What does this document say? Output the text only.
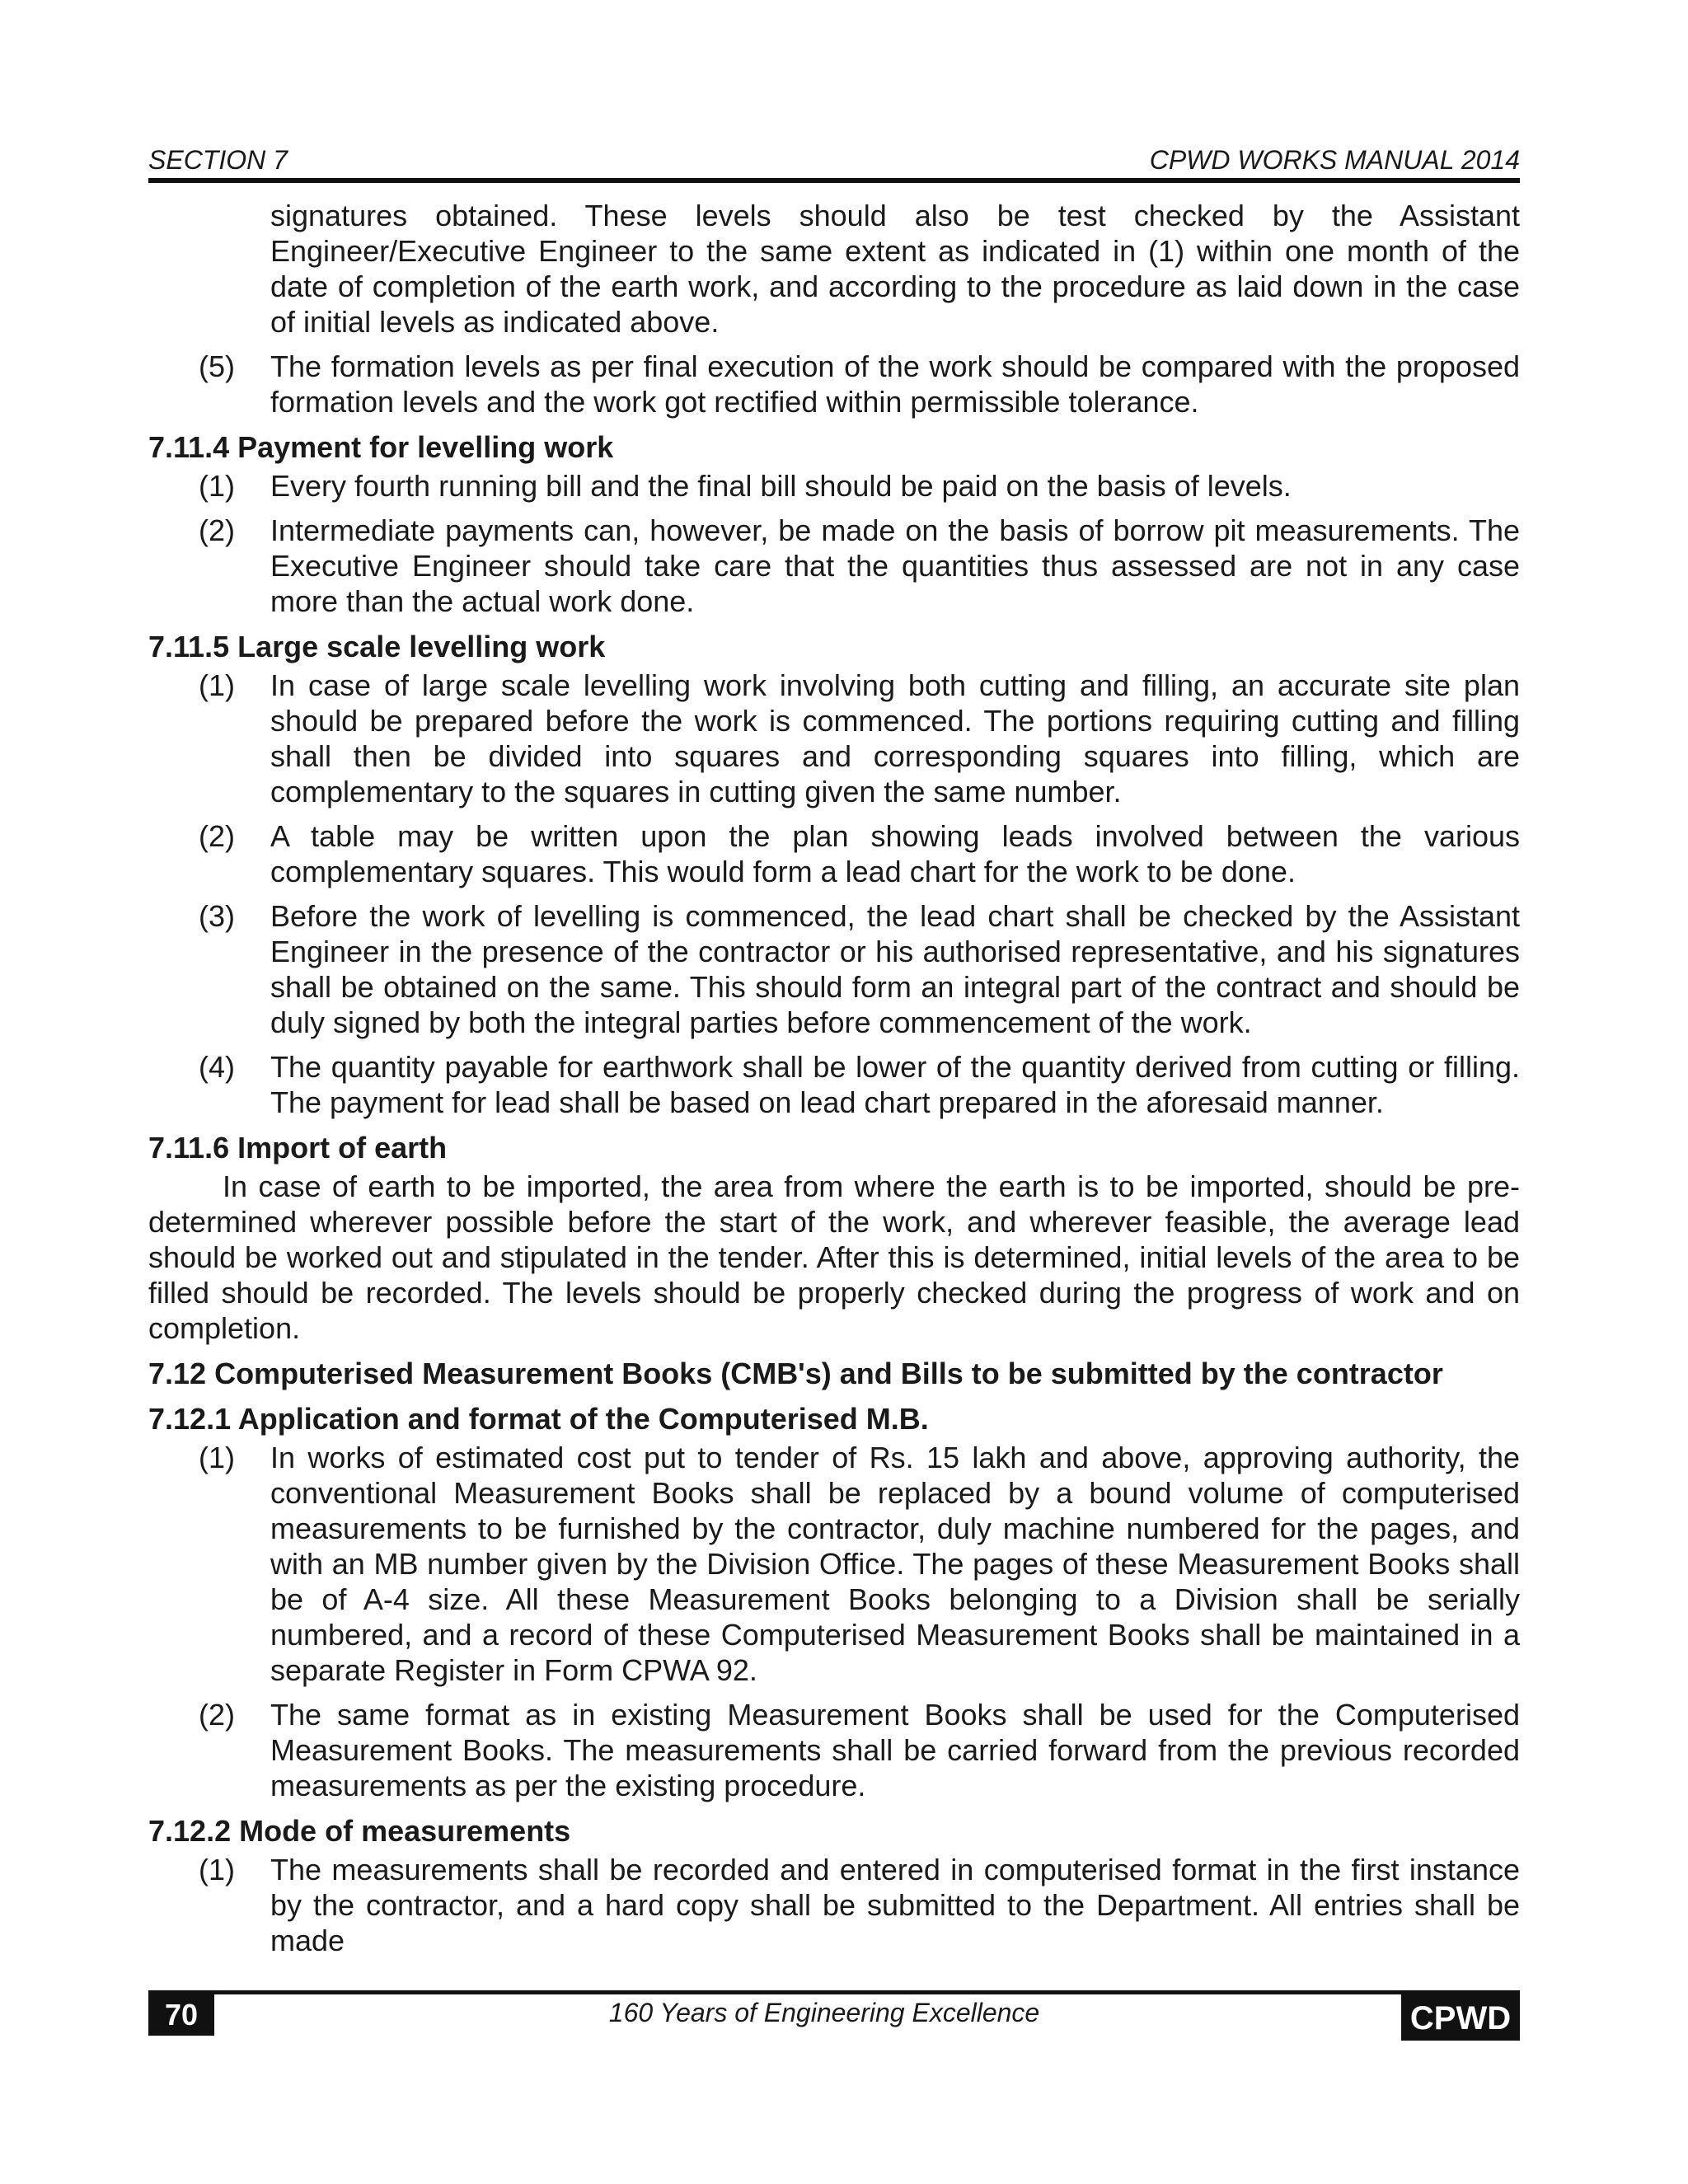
SECTION 7	CPWD WORKS MANUAL 2014

signatures obtained. These levels should also be test checked by the Assistant Engineer/Executive Engineer to the same extent as indicated in (1) within one month of the date of completion of the earth work, and according to the procedure as laid down in the case of initial levels as indicated above.

(5) The formation levels as per final execution of the work should be compared with the proposed formation levels and the work got rectified within permissible tolerance.
7.11.4 Payment for levelling work
(1) Every fourth running bill and the final bill should be paid on the basis of levels.
(2) Intermediate payments can, however, be made on the basis of borrow pit measurements. The Executive Engineer should take care that the quantities thus assessed are not in any case more than the actual work done.
7.11.5 Large scale levelling work
(1) In case of large scale levelling work involving both cutting and filling, an accurate site plan should be prepared before the work is commenced. The portions requiring cutting and filling shall then be divided into squares and corresponding squares into filling, which are complementary to the squares in cutting given the same number.
(2) A table may be written upon the plan showing leads involved between the various complementary squares. This would form a lead chart for the work to be done.
(3) Before the work of levelling is commenced, the lead chart shall be checked by the Assistant Engineer in the presence of the contractor or his authorised representative, and his signatures shall be obtained on the same. This should form an integral part of the contract and should be duly signed by both the integral parties before commencement of the work.
(4) The quantity payable for earthwork shall be lower of the quantity derived from cutting or filling. The payment for lead shall be based on lead chart prepared in the aforesaid manner.
7.11.6 Import of earth

In case of earth to be imported, the area from where the earth is to be imported, should be pre-determined wherever possible before the start of the work, and wherever feasible, the average lead should be worked out and stipulated in the tender. After this is determined, initial levels of the area to be filled should be recorded. The levels should be properly checked during the progress of work and on completion.

7.12 Computerised Measurement Books (CMB's) and Bills to be submitted by the contractor
7.12.1 Application and format of the Computerised M.B.
(1) In works of estimated cost put to tender of Rs. 15 lakh and above, approving authority, the conventional Measurement Books shall be replaced by a bound volume of computerised measurements to be furnished by the contractor, duly machine numbered for the pages, and with an MB number given by the Division Office. The pages of these Measurement Books shall be of A-4 size. All these Measurement Books belonging to a Division shall be serially numbered, and a record of these Computerised Measurement Books shall be maintained in a separate Register in Form CPWA 92.
(2) The same format as in existing Measurement Books shall be used for the Computerised Measurement Books. The measurements shall be carried forward from the previous recorded measurements as per the existing procedure.
7.12.2 Mode of measurements
(1) The measurements shall be recorded and entered in computerised format in the first instance by the contractor, and a hard copy shall be submitted to the Department. All entries shall be made
70	160 Years of Engineering Excellence	CPWD
